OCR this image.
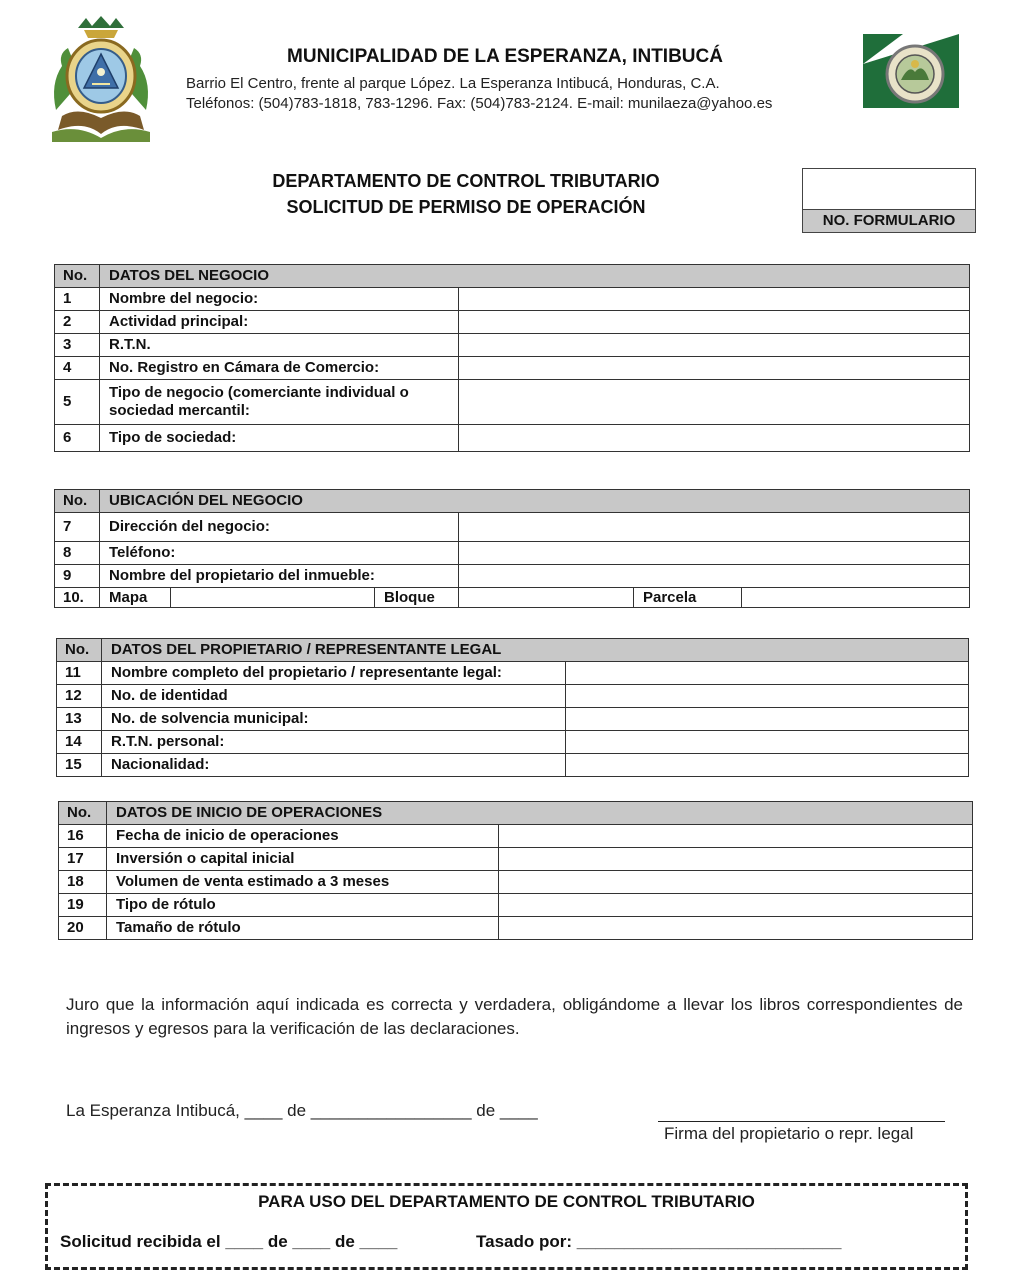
MUNICIPALIDAD DE LA ESPERANZA, INTIBUCÁ
Barrio El Centro, frente al parque López. La Esperanza Intibucá, Honduras, C.A.
Teléfonos: (504)783-1818, 783-1296. Fax: (504)783-2124. E-mail: munilaeza@yahoo.es
DEPARTAMENTO DE CONTROL TRIBUTARIO
SOLICITUD DE PERMISO DE OPERACIÓN
NO. FORMULARIO
No.	DATOS DEL NEGOCIO	
1	Nombre del negocio:	
2	Actividad principal:	
3	R.T.N.	
4	No. Registro en Cámara de Comercio:	
5	Tipo de negocio (comerciante individual o sociedad mercantil:	
6	Tipo de sociedad:	
No.	UBICACIÓN DEL NEGOCIO					
7	Dirección del negocio:					
8	Teléfono:					
9	Nombre del propietario del inmueble:					
10.	Mapa		Bloque		Parcela	
No.	DATOS DEL PROPIETARIO / REPRESENTANTE LEGAL	
11	Nombre completo del propietario / representante legal:	
12	No. de identidad	
13	No. de solvencia municipal:	
14	R.T.N. personal:	
15	Nacionalidad:	
No.	DATOS DE INICIO DE OPERACIONES	
16	Fecha de inicio de operaciones	
17	Inversión o capital inicial	
18	Volumen de venta estimado a 3 meses	
19	Tipo de rótulo	
20	Tamaño de rótulo	
Juro que la información aquí indicada es correcta y verdadera, obligándome a llevar los libros correspondientes de ingresos y egresos para la verificación de las declaraciones.
La Esperanza Intibucá, ____ de _________________ de ____
Firma del propietario o repr. legal
PARA USO DEL DEPARTAMENTO DE CONTROL TRIBUTARIO
Solicitud recibida el ____ de ____ de ____	Tasado por: ____________________________
